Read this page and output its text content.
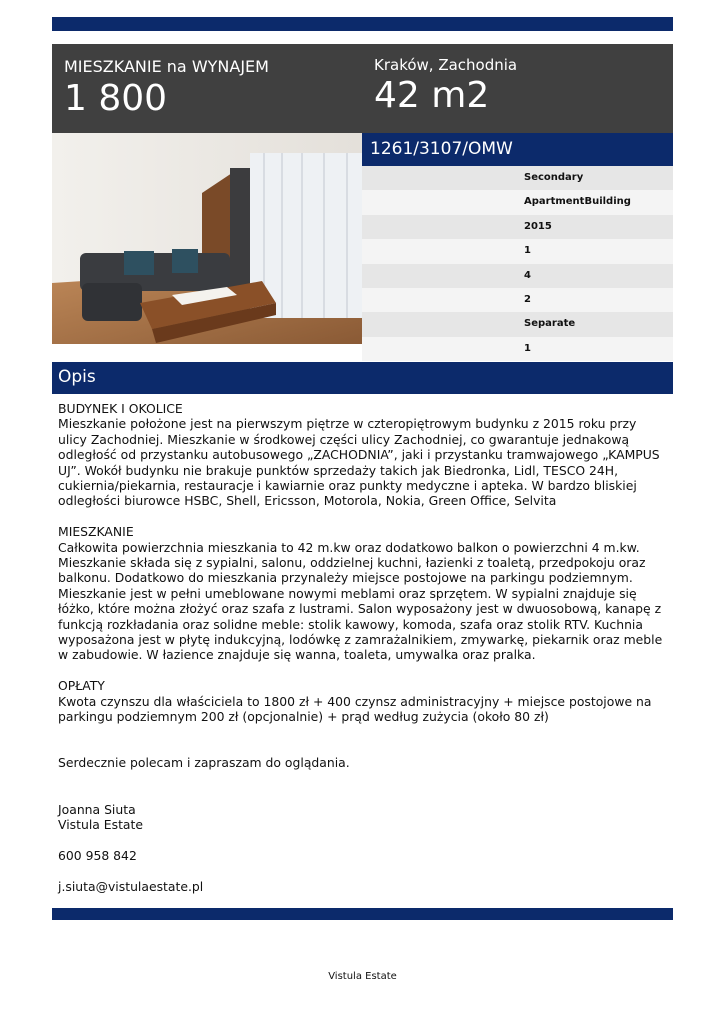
MIESZKANIE na WYNAJEM
1 800
Kraków, Zachodnia
42 m2
1261/3107/OMW
Secondary
ApartmentBuilding
2015
1
4
2
Separate
1
Opis

BUDYNEK I OKOLICE

Mieszkanie położone jest na pierwszym piętrze w czteropiętrowym budynku z 2015 roku przy ulicy Zachodniej. Mieszkanie w środkowej części ulicy Zachodniej, co gwarantuje jednakową odległość od przystanku autobusowego „ZACHODNIA”, jaki i przystanku tramwajowego „KAMPUS UJ”. Wokół budynku nie brakuje punktów sprzedaży takich jak Biedronka, Lidl, TESCO 24H, cukiernia/piekarnia, restauracje i kawiarnie oraz punkty medyczne i apteka. W bardzo bliskiej odległości biurowce HSBC, Shell, Ericsson, Motorola, Nokia, Green Office, Selvita

MIESZKANIE

Całkowita powierzchnia mieszkania to 42 m.kw oraz dodatkowo balkon o powierzchni 4 m.kw. Mieszkanie składa się z sypialni, salonu, oddzielnej kuchni, łazienki z toaletą, przedpokoju oraz balkonu. Dodatkowo do mieszkania przynależy miejsce postojowe na parkingu podziemnym. Mieszkanie jest w pełni umeblowane nowymi meblami oraz sprzętem. W sypialni znajduje się łóżko, które można złożyć oraz szafa z lustrami. Salon wyposażony jest w dwuosobową, kanapę z funkcją rozkładania oraz solidne meble: stolik kawowy, komoda, szafa oraz stolik RTV. Kuchnia wyposażona jest w płytę indukcyjną, lodówkę z zamrażalnikiem, zmywarkę, piekarnik oraz meble w zabudowie. W łazience znajduje się wanna, toaleta, umywalka oraz pralka.

OPŁATY

Kwota czynszu dla właściciela to 1800 zł + 400 czynsz administracyjny + miejsce postojowe na parkingu podziemnym 200 zł (opcjonalnie) + prąd według zużycia (około 80 zł)

Serdecznie polecam i zapraszam do oglądania.

Joanna Siuta

Vistula Estate

600 958 842

j.siuta@vistulaestate.pl

Vistula Estate
